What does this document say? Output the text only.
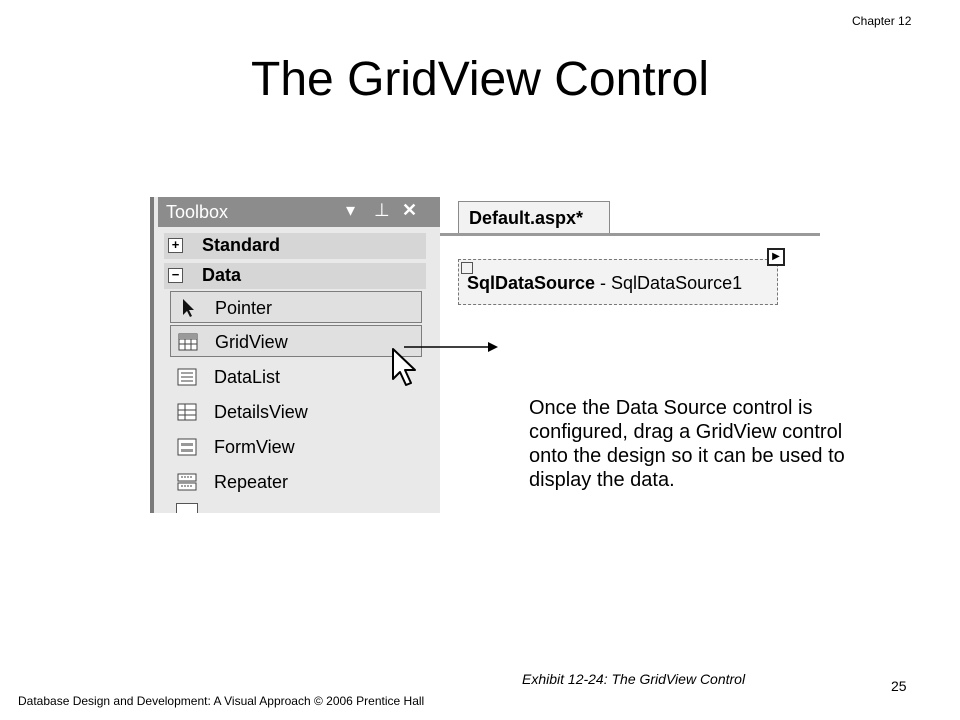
Chapter 12
The GridView Control
Toolbox	▾ ⊥ ✕
+ Standard
− Data
Pointer
GridView
DataList
DetailsView
FormView
Repeater
Default.aspx*
SqlDataSource - SqlDataSource1
▶

Once the Data Source control is configured, drag a GridView control onto the design so it can be used to display the data.

Exhibit 12-24: The GridView Control	25
Database Design and Development: A Visual Approach © 2006 Prentice Hall
